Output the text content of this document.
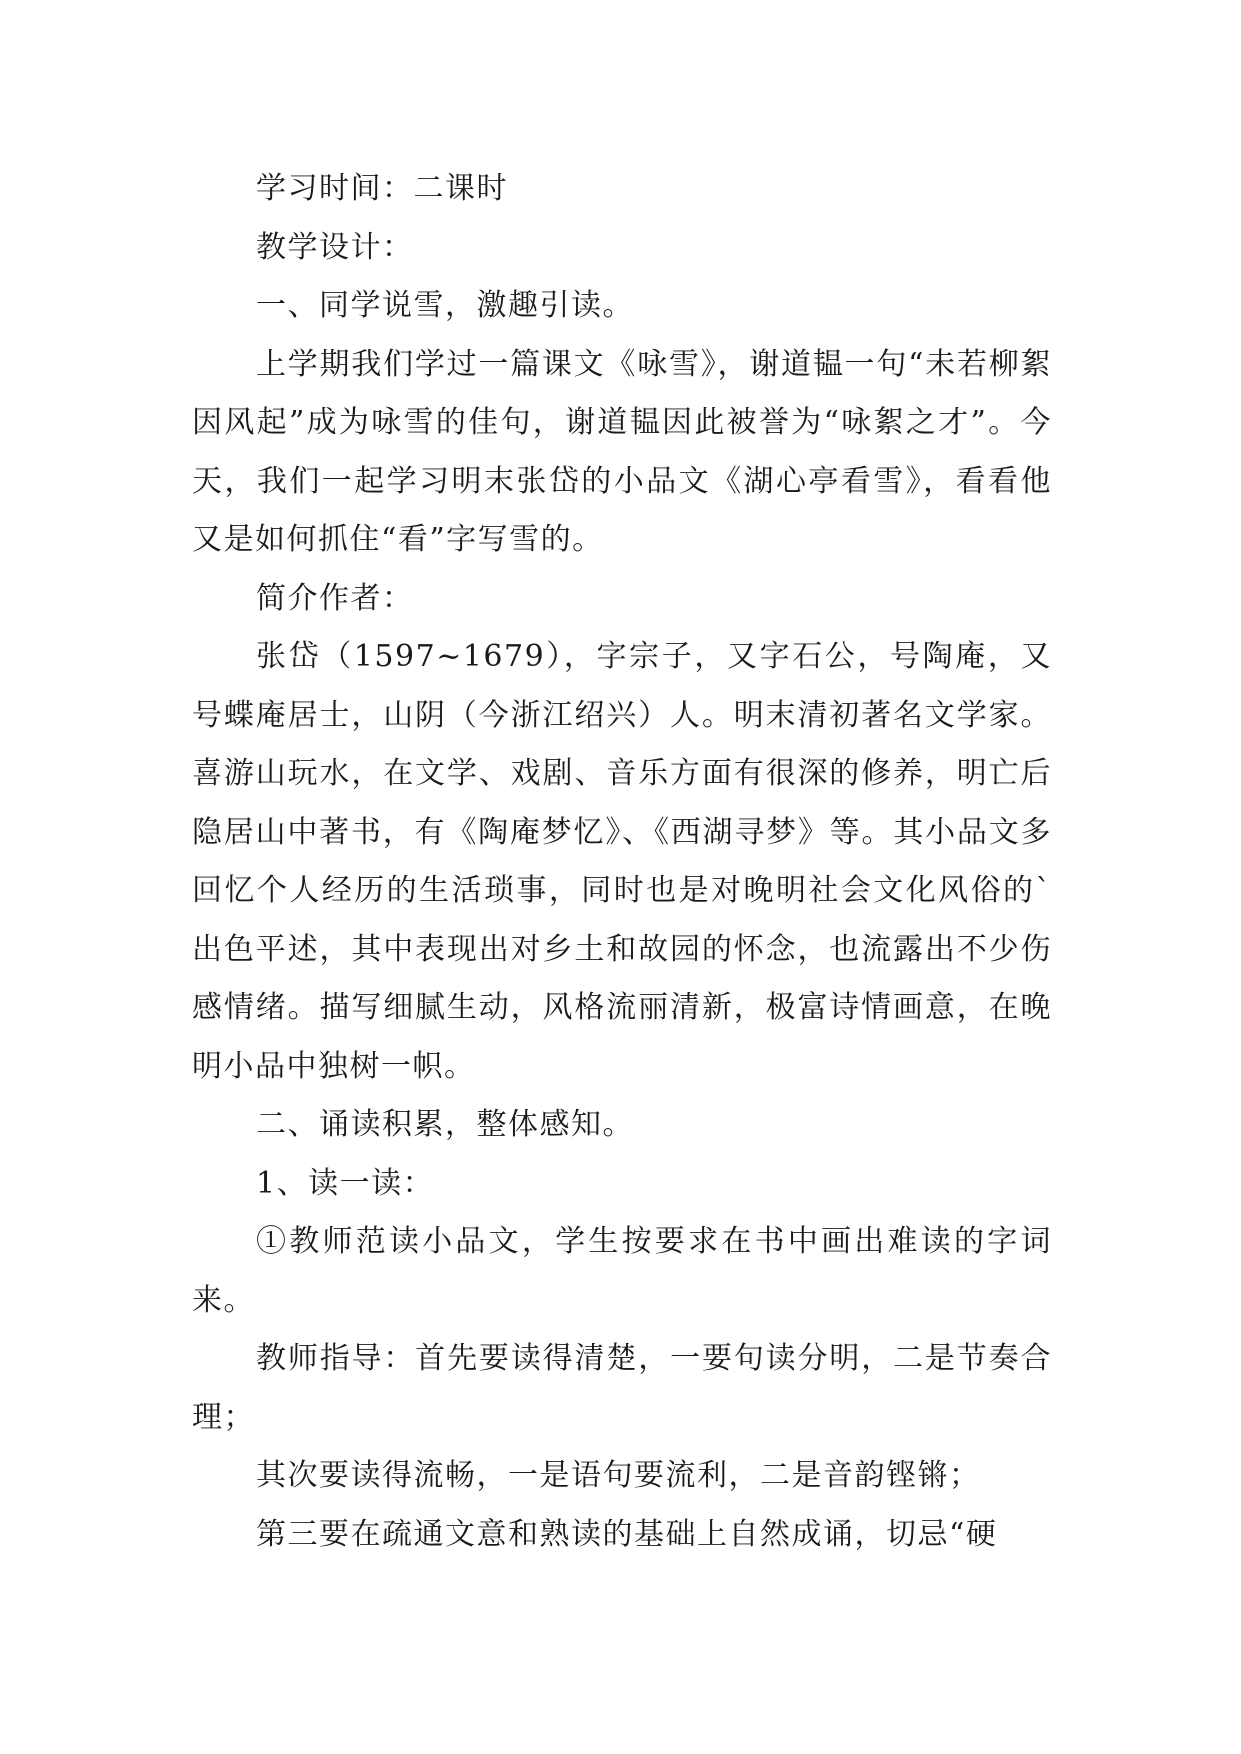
学习时间：二课时

教学设计：

一、同学说雪，激趣引读。

上学期我们学过一篇课文《咏雪》，谢道韫一句“未若柳絮因风起”成为咏雪的佳句，谢道韫因此被誉为“咏絮之才”。今天，我们一起学习明末张岱的小品文《湖心亭看雪》，看看他又是如何抓住“看”字写雪的。

简介作者：

张岱（1597~1679），字宗子，又字石公，号陶庵，又号蝶庵居士，山阴（今浙江绍兴）人。明末清初著名文学家。喜游山玩水，在文学、戏剧、音乐方面有很深的修养，明亡后隐居山中著书，有《陶庵梦忆》、《西湖寻梦》等。其小品文多回忆个人经历的生活琐事，同时也是对晚明社会文化风俗的`出色平述，其中表现出对乡土和故园的怀念，也流露出不少伤感情绪。描写细腻生动，风格流丽清新，极富诗情画意，在晚明小品中独树一帜。

二、诵读积累，整体感知。

1、读一读：

①教师范读小品文，学生按要求在书中画出难读的字词来。

教师指导：首先要读得清楚，一要句读分明，二是节奏合理；

其次要读得流畅，一是语句要流利，二是音韵铿锵；

第三要在疏通文意和熟读的基础上自然成诵，切忌“硬
